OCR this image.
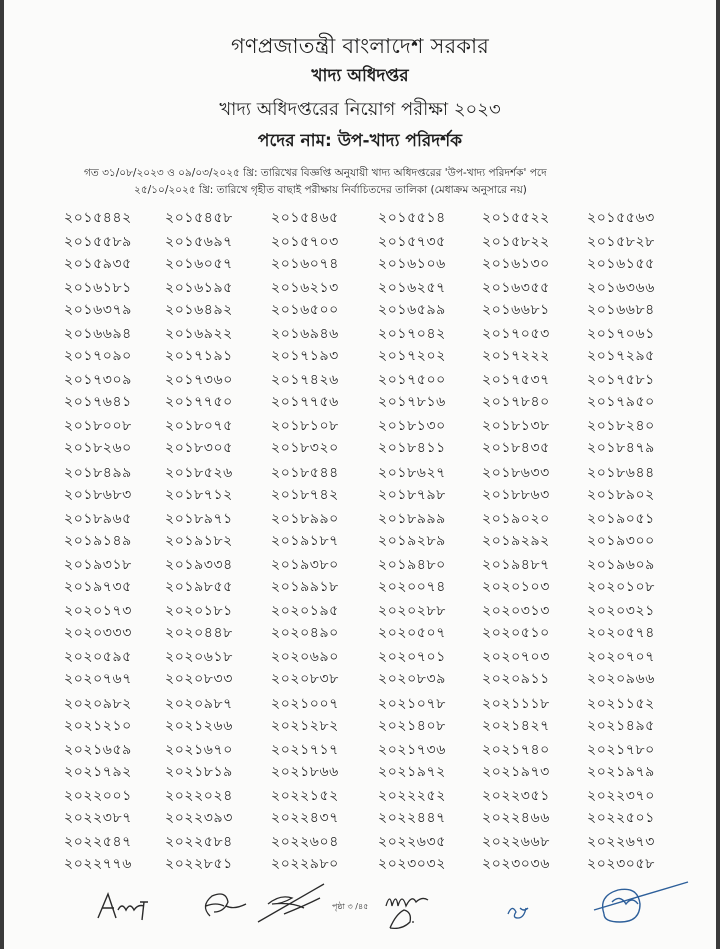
গণপ্রজাতন্ত্রী বাংলাদেশ সরকার
খাদ্য অধিদপ্তর
খাদ্য অধিদপ্তরের নিয়োগ পরীক্ষা ২০২৩
পদের নাম: উপ-খাদ্য পরিদর্শক
গত ৩১/০৮/২০২৩ ও ০৯/০৩/২০২৫ খ্রি: তারিখের বিজ্ঞপ্তি অনুযায়ী খাদ্য অধিদপ্তরের 'উপ-খাদ্য পরিদর্শক' পদে
২৫/১০/২০২৫ খ্রি: তারিখে গৃহীত বাছাই পরীক্ষায় নির্বাচিতদের তালিকা (মেধাক্রম অনুসারে নয়)
২০১৫৪৪২	২০১৫৪৫৮	২০১৫৪৬৫	২০১৫৫১৪	২০১৫৫২২	২০১৫৫৬৩
২০১৫৫৮৯	২০১৫৬৯৭	২০১৫৭০৩	২০১৫৭৩৫	২০১৫৮২২	২০১৫৮২৮
২০১৫৯৩৫	২০১৬০৫৭	২০১৬০৭৪	২০১৬১০৬	২০১৬১৩০	২০১৬১৫৫
২০১৬১৮১	২০১৬১৯৫	২০১৬২১৩	২০১৬২৫৭	২০১৬৩৫৫	২০১৬৩৬৬
২০১৬৩৭৯	২০১৬৪৯২	২০১৬৫০০	২০১৬৫৯৯	২০১৬৬৮১	২০১৬৬৮৪
২০১৬৬৯৪	২০১৬৯২২	২০১৬৯৪৬	২০১৭০৪২	২০১৭০৫৩	২০১৭০৬১
২০১৭০৯০	২০১৭১৯১	২০১৭১৯৩	২০১৭২০২	২০১৭২২২	২০১৭২৯৫
২০১৭৩০৯	২০১৭৩৬০	২০১৭৪২৬	২০১৭৫০০	২০১৭৫৩৭	২০১৭৫৮১
২০১৭৬৪১	২০১৭৭৫০	২০১৭৭৫৬	২০১৭৮১৬	২০১৭৮৪০	২০১৭৯৫০
২০১৮০০৮	২০১৮০৭৫	২০১৮১০৮	২০১৮১৩০	২০১৮১৩৮	২০১৮২৪০
২০১৮২৬০	২০১৮৩০৫	২০১৮৩২০	২০১৮৪১১	২০১৮৪৩৫	২০১৮৪৭৯
২০১৮৪৯৯	২০১৮৫২৬	২০১৮৫৪৪	২০১৮৬২৭	২০১৮৬৩৩	২০১৮৬৪৪
২০১৮৬৮৩	২০১৮৭১২	২০১৮৭৪২	২০১৮৭৯৮	২০১৮৮৬৩	২০১৮৯০২
২০১৮৯৬৫	২০১৮৯৭১	২০১৮৯৯০	২০১৮৯৯৯	২০১৯০২০	২০১৯০৫১
২০১৯১৪৯	২০১৯১৮২	২০১৯১৮৭	২০১৯২৮৯	২০১৯২৯২	২০১৯৩০০
২০১৯৩১৮	২০১৯৩৩৪	২০১৯৩৮০	২০১৯৪৮০	২০১৯৪৮৭	২০১৯৬০৯
২০১৯৭৩৫	২০১৯৮৫৫	২০১৯৯১৮	২০২০০৭৪	২০২০১০৩	২০২০১০৮
২০২০১৭৩	২০২০১৮১	২০২০১৯৫	২০২০২৮৮	২০২০৩১৩	২০২০৩২১
২০২০৩৩৩	২০২০৪৪৮	২০২০৪৯০	২০২০৫০৭	২০২০৫১০	২০২০৫৭৪
২০২০৫৯৫	২০২০৬১৮	২০২০৬৯০	২০২০৭০১	২০২০৭০৩	২০২০৭০৭
২০২০৭৬৭	২০২০৮৩৩	২০২০৮৩৮	২০২০৮৩৯	২০২০৯১১	২০২০৯৬৬
২০২০৯৮২	২০২০৯৮৭	২০২১০০৭	২০২১০৭৮	২০২১১১৮	২০২১১৫২
২০২১২১০	২০২১২৬৬	২০২১২৮২	২০২১৪০৮	২০২১৪২৭	২০২১৪৯৫
২০২১৬৫৯	২০২১৬৭০	২০২১৭১৭	২০২১৭৩৬	২০২১৭৪০	২০২১৭৮০
২০২১৭৯২	২০২১৮১৯	২০২১৮৬৬	২০২১৯৭২	২০২১৯৭৩	২০২১৯৭৯
২০২২০০১	২০২২০২৪	২০২২১৫২	২০২২২৫২	২০২২৩৫১	২০২২৩৭০
২০২২৩৮৭	২০২২৩৯৩	২০২২৪৩৭	২০২২৪৪৭	২০২২৪৬৬	২০২২৫০১
২০২২৫৪৭	২০২২৫৮৪	২০২২৬০৪	২০২২৬৩৫	২০২২৬৬৮	২০২২৬৭৩
২০২২৭৭৬	২০২২৮৫১	২০২২৯৮০	২০২৩০৩২	২০২৩০৩৬	২০২৩০৫৮
পৃষ্ঠা ৩ /৪৫
